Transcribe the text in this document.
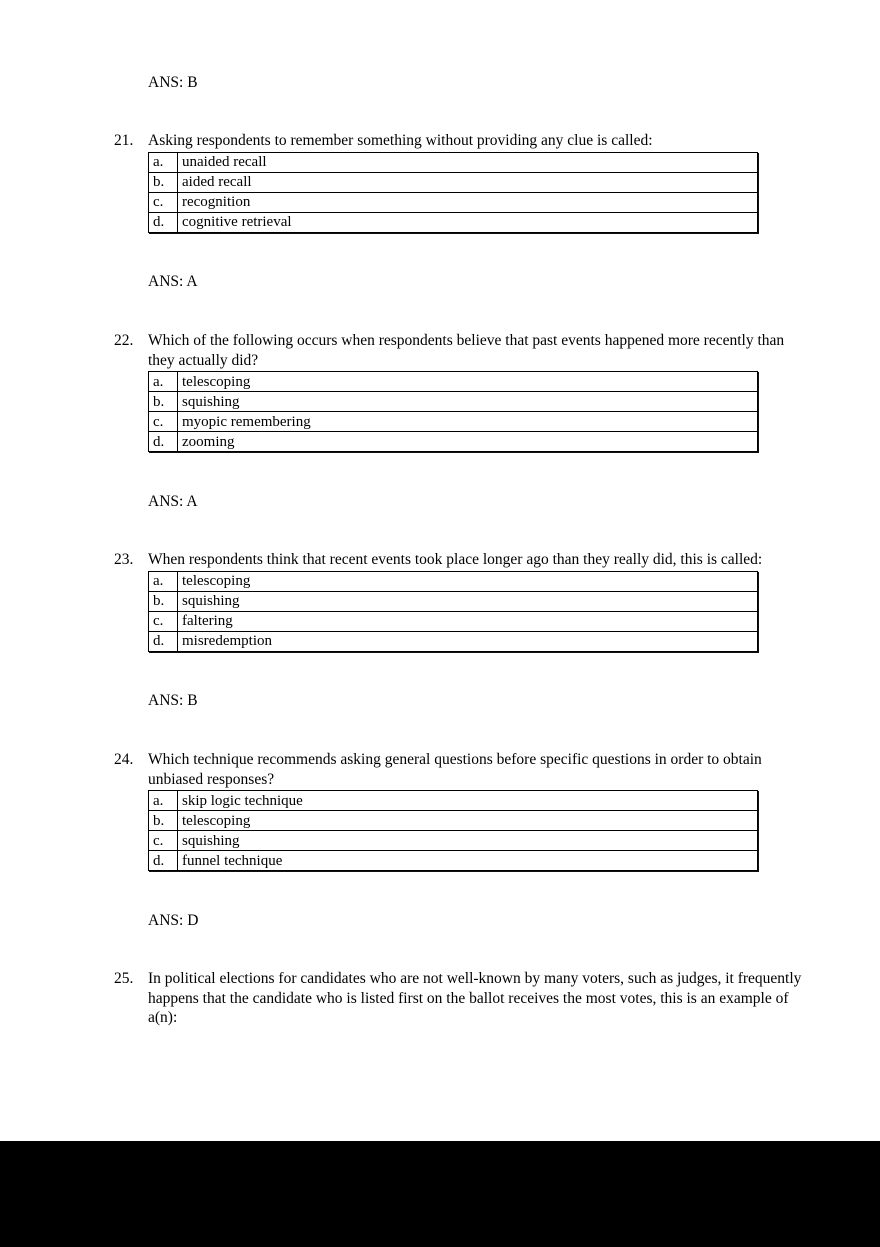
ANS: B
21. Asking respondents to remember something without providing any clue is called:
a.	unaided recall
b.	aided recall
c.	recognition
d.	cognitive retrieval
ANS: A
22. Which of the following occurs when respondents believe that past events happened more recently than they actually did?
a.	telescoping
b.	squishing
c.	myopic remembering
d.	zooming
ANS: A
23. When respondents think that recent events took place longer ago than they really did, this is called:
a.	telescoping
b.	squishing
c.	faltering
d.	misredemption
ANS: B
24. Which technique recommends asking general questions before specific questions in order to obtain unbiased responses?
a.	skip logic technique
b.	telescoping
c.	squishing
d.	funnel technique
ANS: D
25. In political elections for candidates who are not well-known by many voters, such as judges, it frequently happens that the candidate who is listed first on the ballot receives the most votes, this is an example of a(n):
